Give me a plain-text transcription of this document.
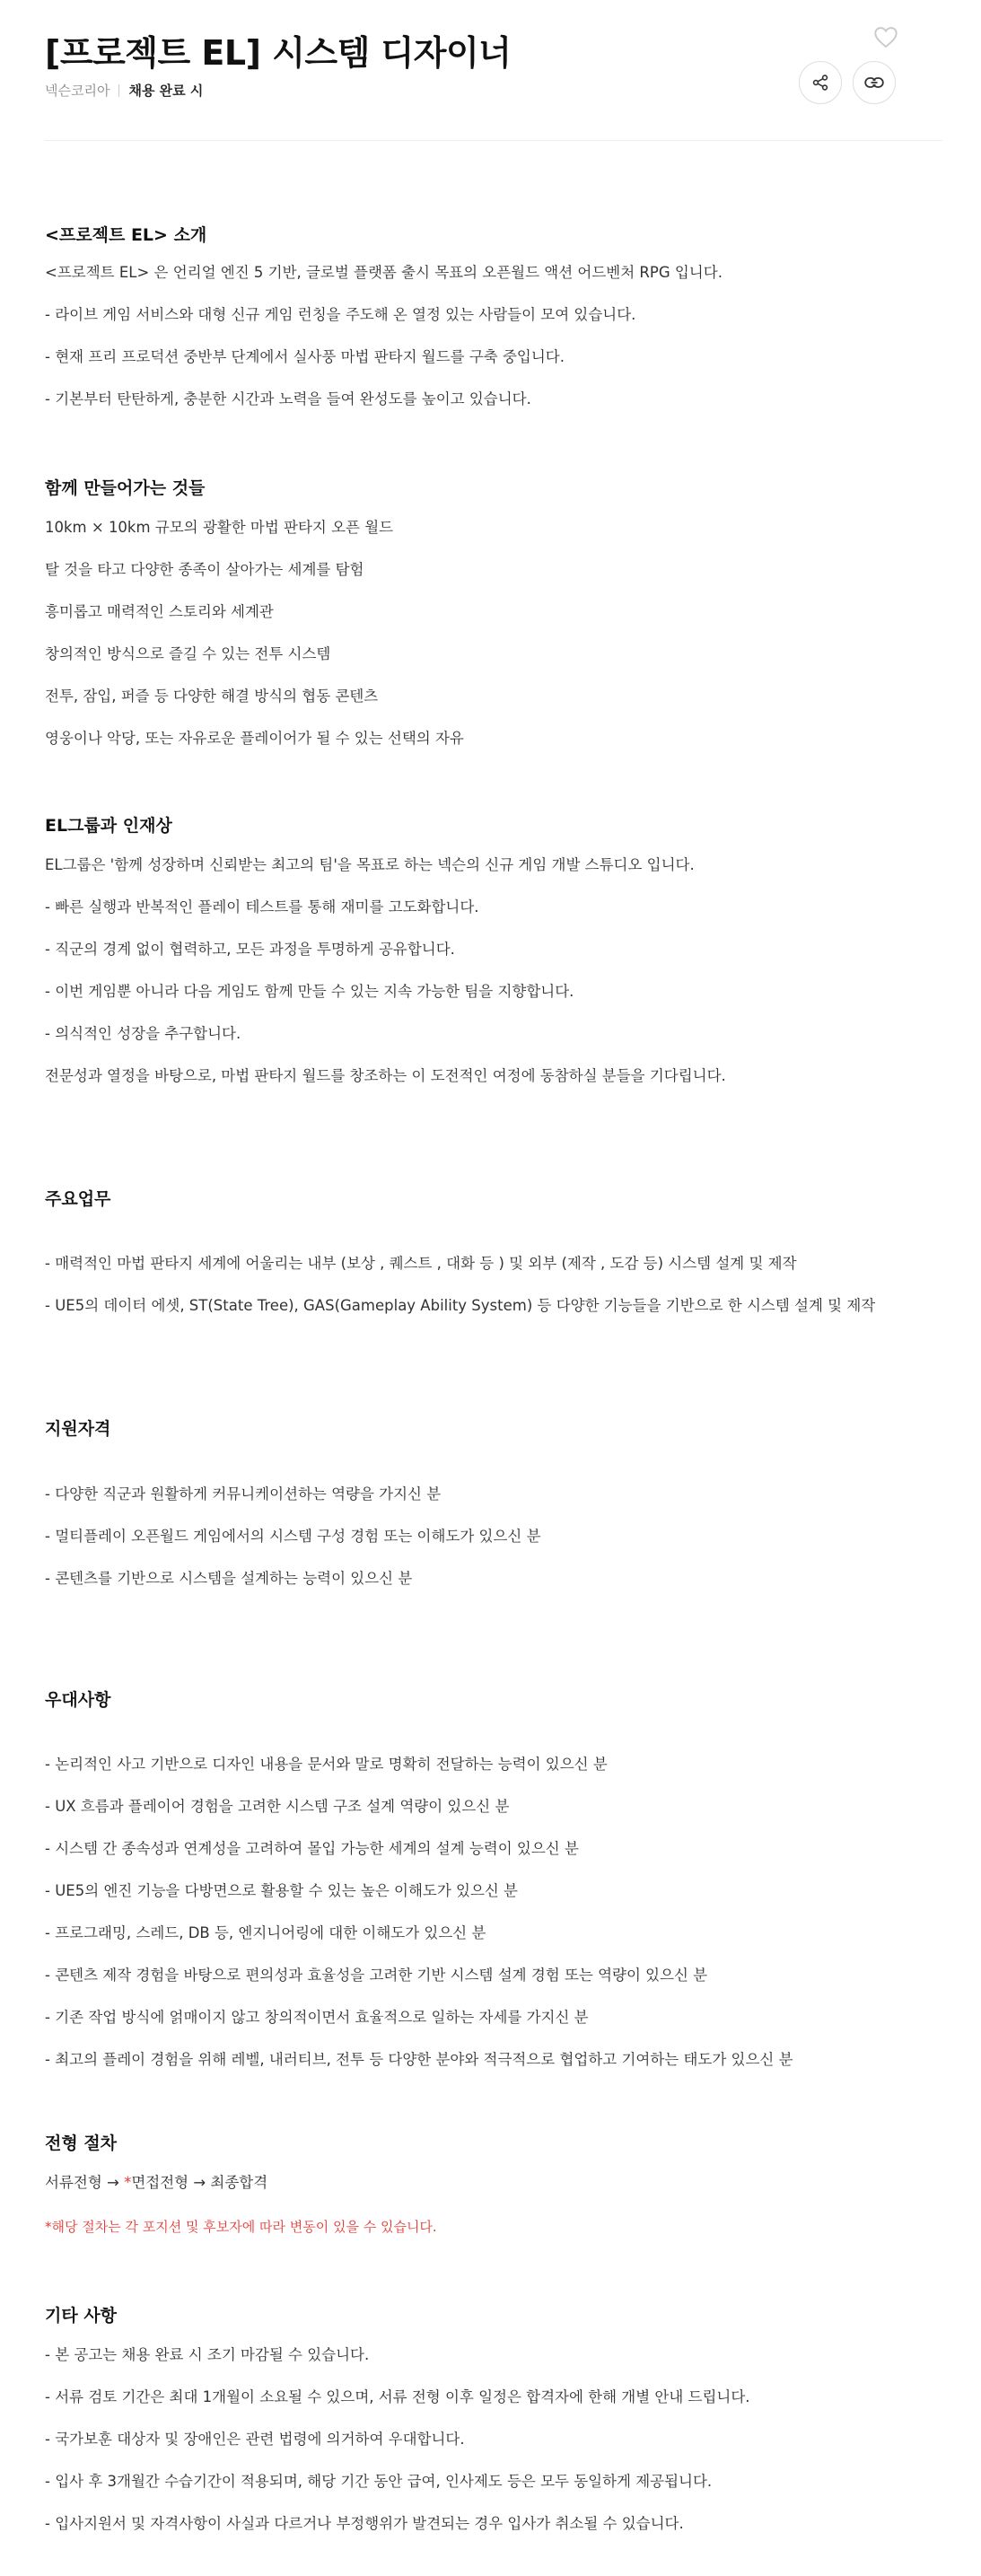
[프로젝트 EL] 시스템 디자이너
넥슨코리아 채용 완료 시
<프로젝트 EL> 소개

<프로젝트 EL> 은 언리얼 엔진 5 기반, 글로벌 플랫폼 출시 목표의 오픈월드 액션 어드벤처 RPG 입니다.

- 라이브 게임 서비스와 대형 신규 게임 런칭을 주도해 온 열정 있는 사람들이 모여 있습니다.

- 현재 프리 프로덕션 중반부 단계에서 실사풍 마법 판타지 월드를 구축 중입니다.

- 기본부터 탄탄하게, 충분한 시간과 노력을 들여 완성도를 높이고 있습니다.

함께 만들어가는 것들

10km × 10km 규모의 광활한 마법 판타지 오픈 월드

탈 것을 타고 다양한 종족이 살아가는 세계를 탐험

흥미롭고 매력적인 스토리와 세계관

창의적인 방식으로 즐길 수 있는 전투 시스템

전투, 잠입, 퍼즐 등 다양한 해결 방식의 협동 콘텐츠

영웅이나 악당, 또는 자유로운 플레이어가 될 수 있는 선택의 자유

EL그룹과 인재상

EL그룹은 '함께 성장하며 신뢰받는 최고의 팀'을 목표로 하는 넥슨의 신규 게임 개발 스튜디오 입니다.

- 빠른 실행과 반복적인 플레이 테스트를 통해 재미를 고도화합니다.

- 직군의 경계 없이 협력하고, 모든 과정을 투명하게 공유합니다.

- 이번 게임뿐 아니라 다음 게임도 함께 만들 수 있는 지속 가능한 팀을 지향합니다.

- 의식적인 성장을 추구합니다.

전문성과 열정을 바탕으로, 마법 판타지 월드를 창조하는 이 도전적인 여정에 동참하실 분들을 기다립니다.

주요업무

- 매력적인 마법 판타지 세계에 어울리는 내부 (보상 , 퀘스트 , 대화 등 ) 및 외부 (제작 , 도감 등) 시스템 설계 및 제작

- UE5의 데이터 에셋, ST(State Tree), GAS(Gameplay Ability System) 등 다양한 기능들을 기반으로 한 시스템 설계 및 제작

지원자격

- 다양한 직군과 원활하게 커뮤니케이션하는 역량을 가지신 분

- 멀티플레이 오픈월드 게임에서의 시스템 구성 경험 또는 이해도가 있으신 분

- 콘텐츠를 기반으로 시스템을 설계하는 능력이 있으신 분

우대사항

- 논리적인 사고 기반으로 디자인 내용을 문서와 말로 명확히 전달하는 능력이 있으신 분

- UX 흐름과 플레이어 경험을 고려한 시스템 구조 설계 역량이 있으신 분

- 시스템 간 종속성과 연계성을 고려하여 몰입 가능한 세계의 설계 능력이 있으신 분

- UE5의 엔진 기능을 다방면으로 활용할 수 있는 높은 이해도가 있으신 분

- 프로그래밍, 스레드, DB 등, 엔지니어링에 대한 이해도가 있으신 분

- 콘텐츠 제작 경험을 바탕으로 편의성과 효율성을 고려한 기반 시스템 설계 경험 또는 역량이 있으신 분

- 기존 작업 방식에 얽매이지 않고 창의적이면서 효율적으로 일하는 자세를 가지신 분

- 최고의 플레이 경험을 위해 레벨, 내러티브, 전투 등 다양한 분야와 적극적으로 협업하고 기여하는 태도가 있으신 분

전형 절차

서류전형 → *면접전형 → 최종합격

*해당 절차는 각 포지션 및 후보자에 따라 변동이 있을 수 있습니다.

기타 사항

- 본 공고는 채용 완료 시 조기 마감될 수 있습니다.

- 서류 검토 기간은 최대 1개월이 소요될 수 있으며, 서류 전형 이후 일정은 합격자에 한해 개별 안내 드립니다.

- 국가보훈 대상자 및 장애인은 관련 법령에 의거하여 우대합니다.

- 입사 후 3개월간 수습기간이 적용되며, 해당 기간 동안 급여, 인사제도 등은 모두 동일하게 제공됩니다.

- 입사지원서 및 자격사항이 사실과 다르거나 부정행위가 발견되는 경우 입사가 취소될 수 있습니다.
